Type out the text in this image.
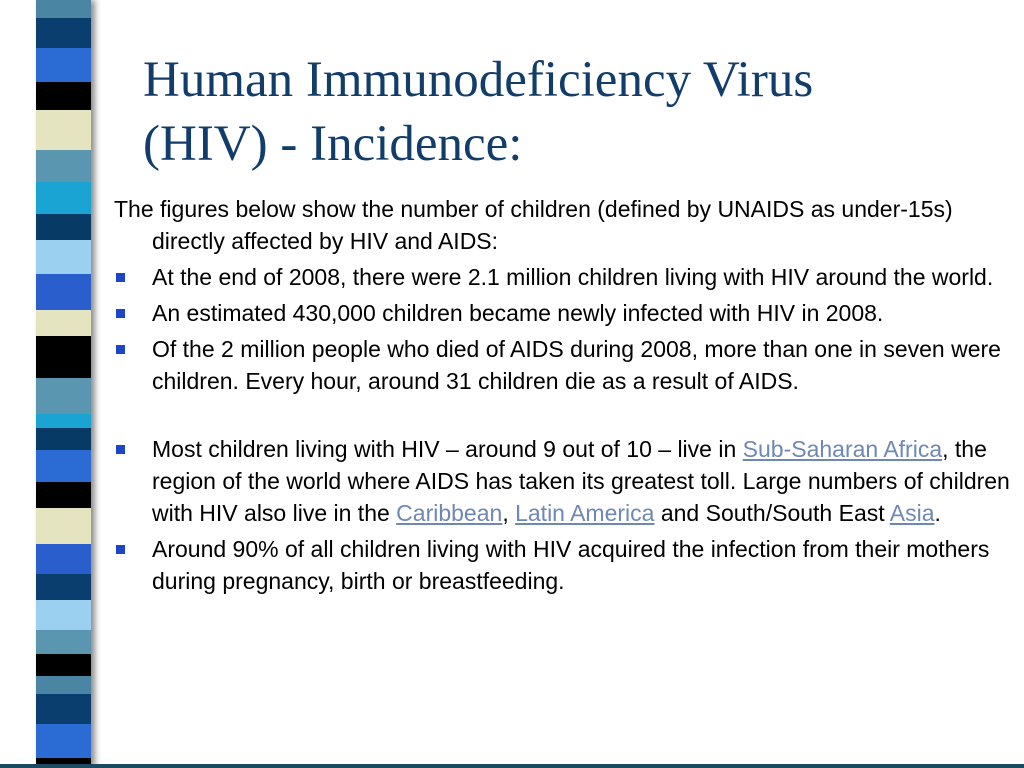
Human Immunodeficiency Virus
(HIV) - Incidence:

The figures below show the number of children (defined by UNAIDS as under-15s) directly affected by HIV and AIDS:

At the end of 2008, there were 2.1 million children living with HIV around the world.
An estimated 430,000 children became newly infected with HIV in 2008.
Of the 2 million people who died of AIDS during 2008, more than one in seven were children. Every hour, around 31 children die as a result of AIDS.
Most children living with HIV – around 9 out of 10 – live in Sub-Saharan Africa, the region of the world where AIDS has taken its greatest toll. Large numbers of children with HIV also live in the Caribbean, Latin America and South/South East Asia.
Around 90% of all children living with HIV acquired the infection from their mothers during pregnancy, birth or breastfeeding.
